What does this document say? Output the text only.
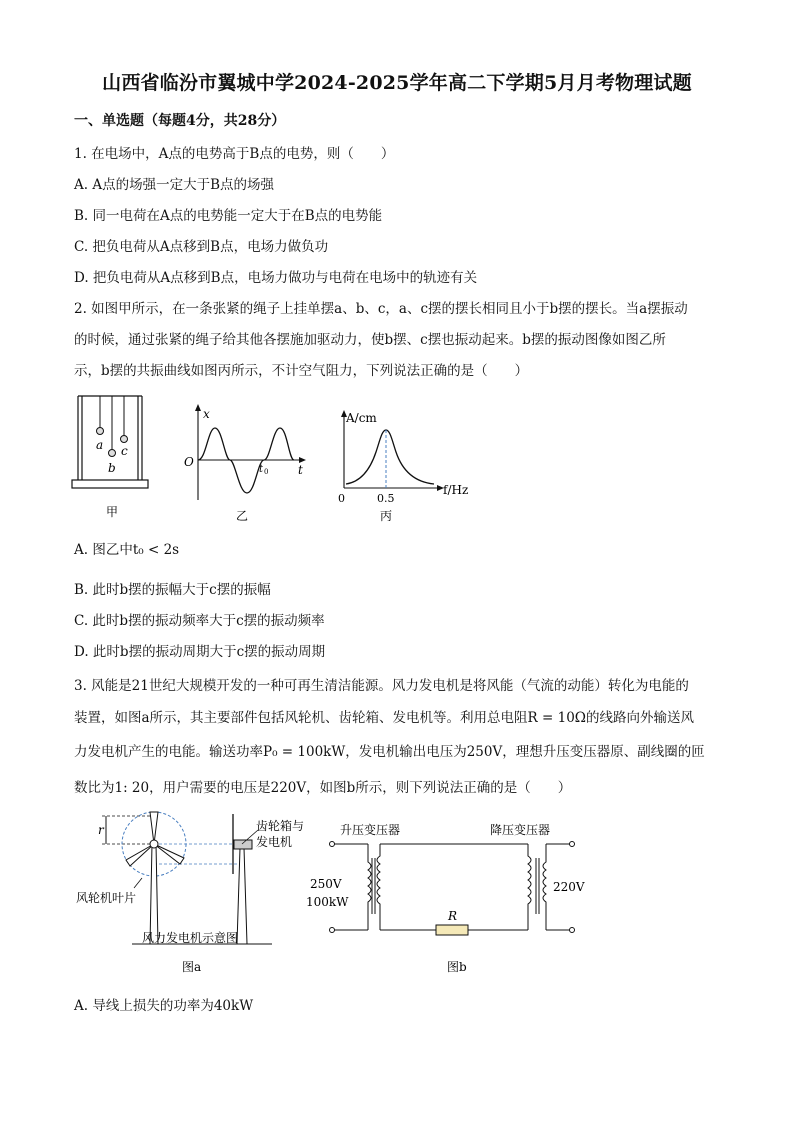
山西省临汾市翼城中学2024-2025学年高二下学期5月月考物理试题
一、单选题（每题4分，共28分）
1. 在电场中，A点的电势高于B点的电势，则（　　）
A. A点的场强一定大于B点的场强
B. 同一电荷在A点的电势能一定大于在B点的电势能
C. 把负电荷从A点移到B点，电场力做负功
D. 把负电荷从A点移到B点，电场力做功与电荷在电场中的轨迹有关
2. 如图甲所示，在一条张紧的绳子上挂单摆a、b、c，a、c摆的摆长相同且小于b摆的摆长。当a摆振动
的时候，通过张紧的绳子给其他各摆施加驱动力，使b摆、c摆也振动起来。b摆的振动图像如图乙所
示，b摆的共振曲线如图丙所示，不计空气阻力，下列说法正确的是（　　）
a
b
c
甲
x
O
t
t 0
乙
A/cm
f/Hz
0	0.5
丙
A. 图乙中t₀ < 2s
B. 此时b摆的振幅大于c摆的振幅
C. 此时b摆的振动频率大于c摆的振动频率
D. 此时b摆的振动周期大于c摆的振动周期
3. 风能是21世纪大规模开发的一种可再生清洁能源。风力发电机是将风能（气流的动能）转化为电能的
装置，如图a所示，其主要部件包括风轮机、齿轮箱、发电机等。利用总电阻R = 10Ω的线路向外输送风
力发电机产生的电能。输送功率P₀ = 100kW，发电机输出电压为250V，理想升压变压器原、副线圈的匝
数比为1: 20，用户需要的电压是220V，如图b所示，则下列说法正确的是（　　）
r	齿轮箱与
发电机
风轮机叶片
风力发电机示意图
图a
升压变压器	降压变压器
R
250V
100kW
220V
图b
A. 导线上损失的功率为40kW
